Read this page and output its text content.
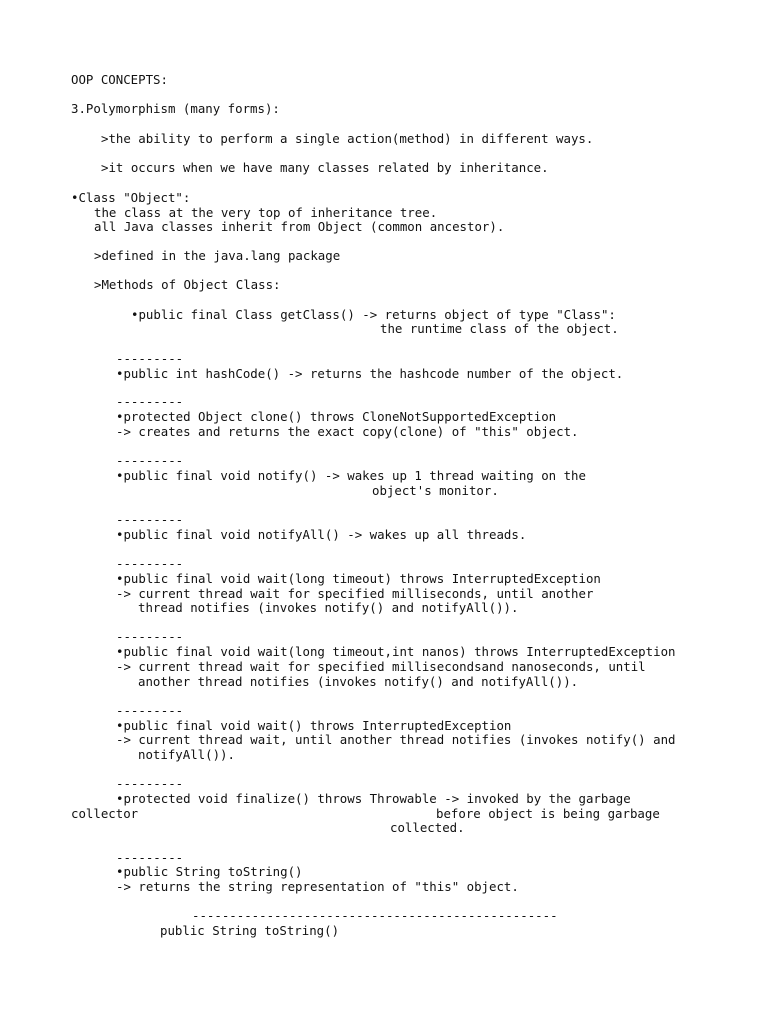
OOP CONCEPTS:

3.Polymorphism (many forms):

>the ability to perform a single action(method) in different ways.

>it occurs when we have many classes related by inheritance.

•Class "Object":

the class at the very top of inheritance tree.

all Java classes inherit from Object (common ancestor).

>defined in the java.lang package

>Methods of Object Class:

•public final Class getClass() -> returns object of type "Class":

the runtime class of the object.

---------

•public int hashCode() -> returns the hashcode number of the object.

---------

•protected Object clone() throws CloneNotSupportedException

-> creates and returns the exact copy(clone) of "this" object.

---------

•public final void notify() -> wakes up 1 thread waiting on the

object's monitor.

---------

•public final void notifyAll() -> wakes up all threads.

---------

•public final void wait(long timeout) throws InterruptedException

-> current thread wait for specified milliseconds, until another

thread notifies (invokes notify() and notifyAll()).

---------

•public final void wait(long timeout,int nanos) throws InterruptedException

-> current thread wait for specified millisecondsand nanoseconds, until

another thread notifies (invokes notify() and notifyAll()).

---------

•public final void wait() throws InterruptedException

-> current thread wait, until another thread notifies (invokes notify() and

notifyAll()).

---------

•protected void finalize() throws Throwable -> invoked by the garbage

collector	before object is being garbage

collected.

---------

•public String toString()

-> returns the string representation of "this" object.

-------------------------------------------------

public String toString()
